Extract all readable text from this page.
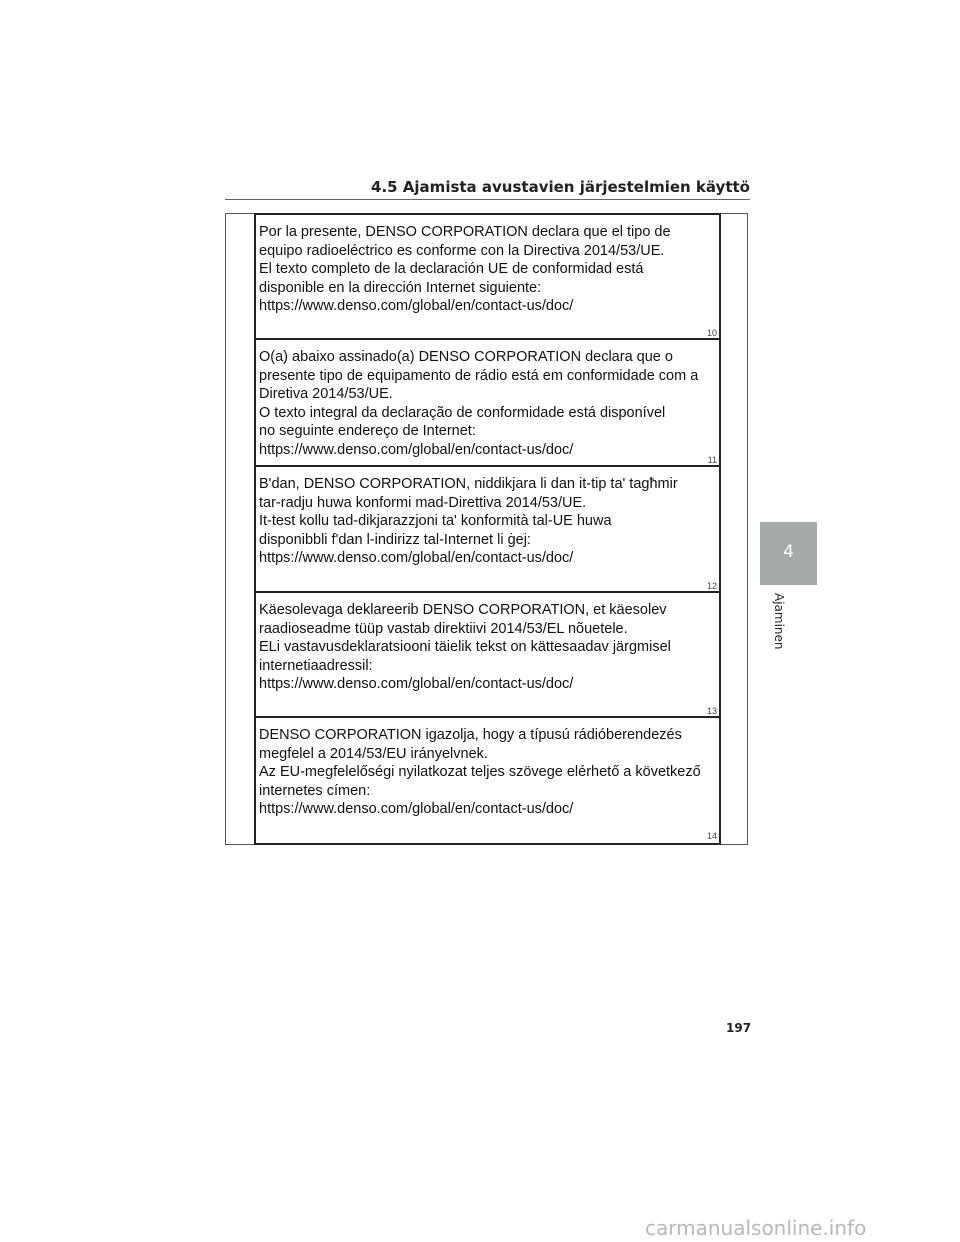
4.5 Ajamista avustavien järjestelmien käyttö
Por la presente, DENSO CORPORATION declara que el tipo de
equipo radioeléctrico es conforme con la Directiva 2014/53/UE.
El texto completo de la declaración UE de conformidad está
disponible en la dirección Internet siguiente:
https://www.denso.com/global/en/contact-us/doc/
10
O(a) abaixo assinado(a) DENSO CORPORATION declara que o
presente tipo de equipamento de rádio está em conformidade com a
Diretiva 2014/53/UE.
O texto integral da declaração de conformidade está disponível
no seguinte endereço de Internet:
https://www.denso.com/global/en/contact-us/doc/
11
B'dan, DENSO CORPORATION, niddikjara li dan it-tip ta' tagħmir
tar-radju huwa konformi mad-Direttiva 2014/53/UE.
It-test kollu tad-dikjarazzjoni ta' konformità tal-UE huwa
disponibbli f'dan l-indirizz tal-Internet li ġej:
https://www.denso.com/global/en/contact-us/doc/
12
Käesolevaga deklareerib DENSO CORPORATION, et käesolev
raadioseadme tüüp vastab direktiivi 2014/53/EL nõuetele.
ELi vastavusdeklaratsiooni täielik tekst on kättesaadav järgmisel
internetiaadressil:
https://www.denso.com/global/en/contact-us/doc/
13
DENSO CORPORATION igazolja, hogy a típusú rádióberendezés
megfelel a 2014/53/EU irányelvnek.
Az EU-megfelelőségi nyilatkozat teljes szövege elérhető a következő
internetes címen:
https://www.denso.com/global/en/contact-us/doc/
14
4
Ajaminen
197
carmanualsonline.info
